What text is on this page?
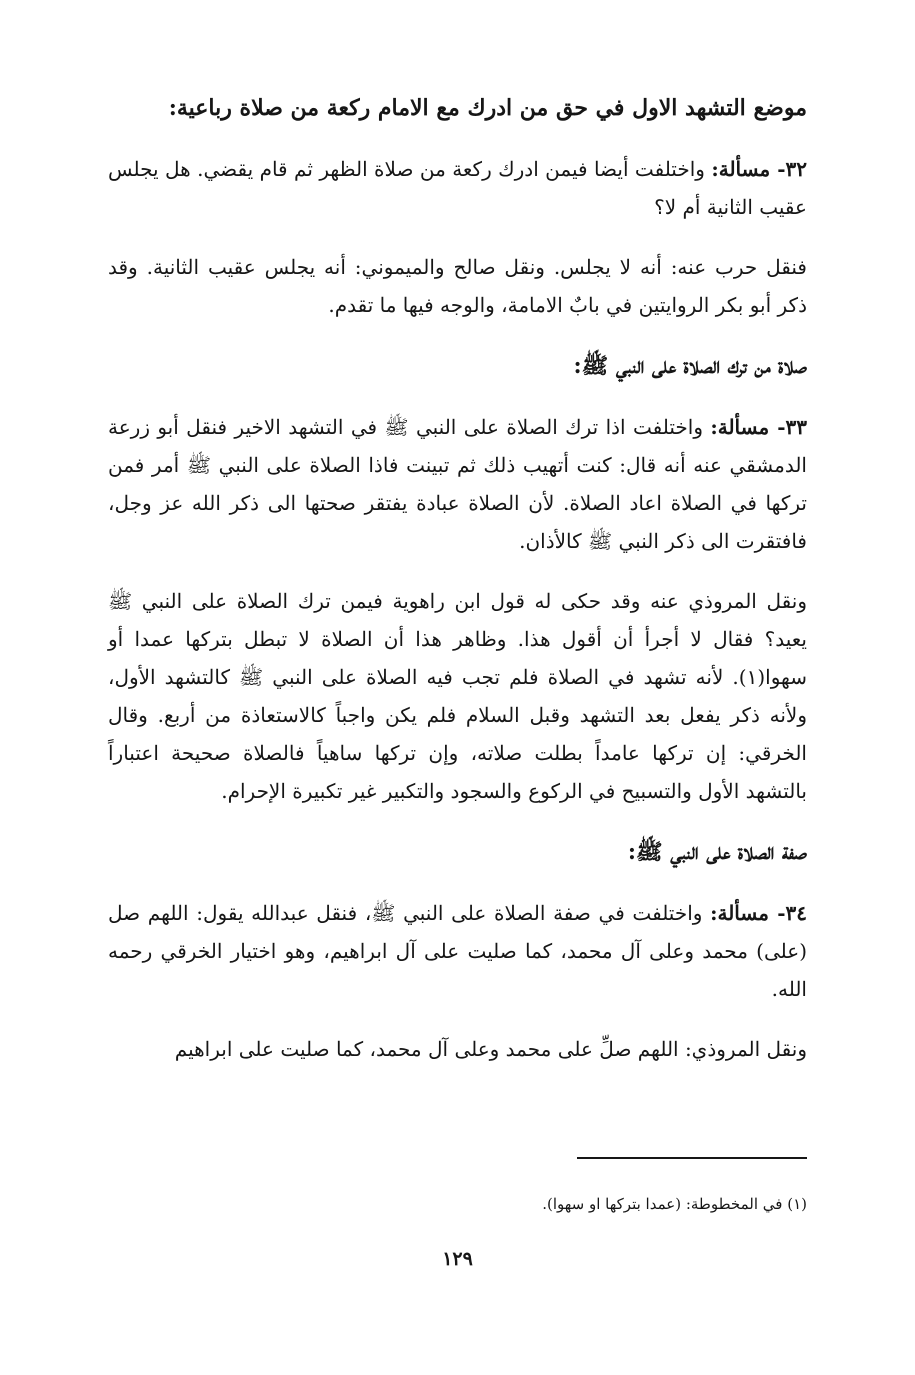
موضع التشهد الاول في حق من ادرك مع الامام ركعة من صلاة رباعية:

٣٢- مسألة: واختلفت أيضا فيمن ادرك ركعة من صلاة الظهر ثم قام يقضي. هل يجلس عقيب الثانية أم لا؟

فنقل حرب عنه: أنه لا يجلس. ونقل صالح والميموني: أنه يجلس عقيب الثانية. وقد ذكر أبو بكر الروايتين في بابٌ الامامة، والوجه فيها ما تقدم.

صلاة من ترك الصلاة على النبي ﷺ:

٣٣- مسألة: واختلفت اذا ترك الصلاة على النبي ﷺ في التشهد الاخير فنقل أبو زرعة الدمشقي عنه أنه قال: كنت أتهيب ذلك ثم تبينت فاذا الصلاة على النبي ﷺ أمر فمن تركها في الصلاة اعاد الصلاة. لأن الصلاة عبادة يفتقر صحتها الى ذكر الله عز وجل، فافتقرت الى ذكر النبي ﷺ كالأذان.

ونقل المروذي عنه وقد حكى له قول ابن راهوية فيمن ترك الصلاة على النبي ﷺ يعيد؟ فقال لا أجرأ أن أقول هذا. وظاهر هذا أن الصلاة لا تبطل بتركها عمدا أو سهوا(١). لأنه تشهد في الصلاة فلم تجب فيه الصلاة على النبي ﷺ كالتشهد الأول، ولأنه ذكر يفعل بعد التشهد وقبل السلام فلم يكن واجباً كالاستعاذة من أربع. وقال الخرقي: إن تركها عامداً بطلت صلاته، وإن تركها ساهياً فالصلاة صحيحة اعتباراً بالتشهد الأول والتسبيح في الركوع والسجود والتكبير غير تكبيرة الإحرام.

صفة الصلاة على النبي ﷺ:

٣٤- مسألة: واختلفت في صفة الصلاة على النبي ﷺ، فنقل عبدالله يقول: اللهم صل (على) محمد وعلى آل محمد، كما صليت على آل ابراهيم، وهو اختيار الخرقي رحمه الله.

ونقل المروذي: اللهم صلِّ على محمد وعلى آل محمد، كما صليت على ابراهيم

(١) في المخطوطة: (عمدا بتركها او سهوا).
١٢٩
